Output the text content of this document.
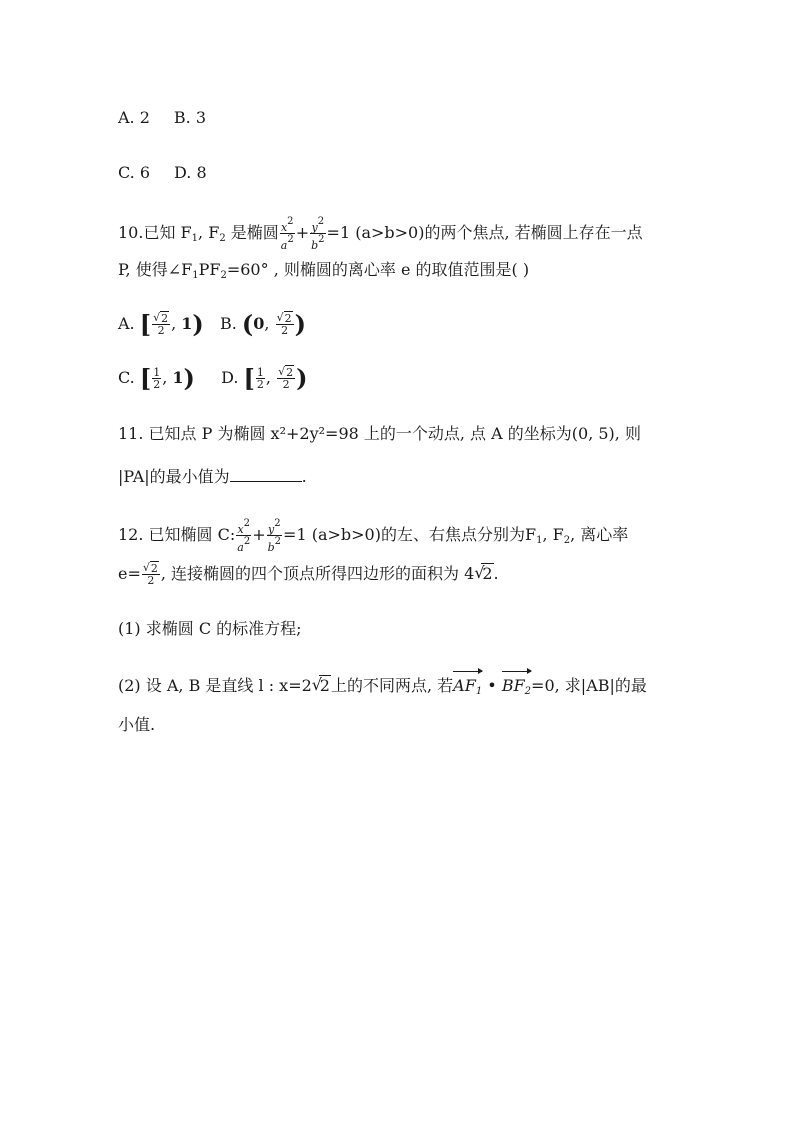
A. 2 B. 3
C. 6 D. 8
10.已知 $F_1$, $F_2$ 是椭圆 $\frac{x2}{a2} + \frac{y2}{b2} =1$ (a>b>0)的两个焦点, 若椭圆上存在一点
P, 使得$\angle F_1PF_2=60^\circ$ , 则椭圆的离心率 e 的取值范围是( )
A. [ $\frac{√ 2}{2}$ , 1) B. (0, $\frac{√ 2}{2}$ )
C. [ $\frac{1}{2}$ , 1) D. [ $\frac{1}{2}$ , $\frac{√ 2}{2}$ )
11. 已知点 P 为椭圆 x²+2y²=98 上的一个动点, 点 A 的坐标为(0, 5), 则
|PA|的最小值为	.
12. 已知椭圆 C: $\frac{x2}{a2} + \frac{y2}{b2} =1$ (a>b>0)的左、右焦点分别为$F_1$, $F_2$, 离心率
$e= \frac{√ 2}{2}$ , 连接椭圆的四个顶点所得四边形的面积为 4 √
2.
(1) 求椭圆 C 的标准方程;
(2) 设 A, B 是直线 l : x=2 √
2上的不同两点, 若$AF_1$ • $BF_2=0$, 求|AB|的最
小值.
